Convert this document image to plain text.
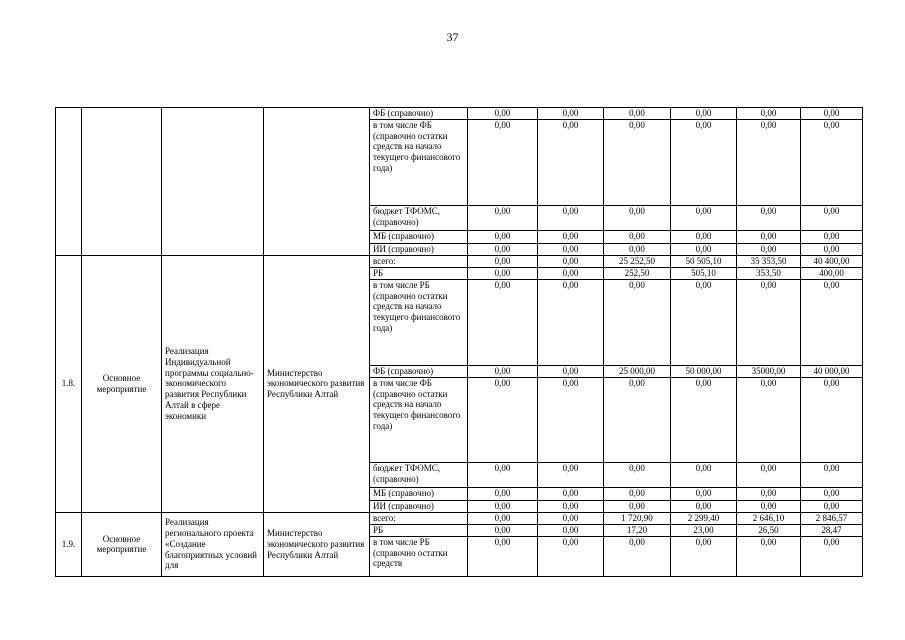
37
				ФБ (справочно)	0,00	0,00	0,00	0,00	0,00	0,00
				в том числе ФБ (справочно остатки средств на начало текущего финансового года)	0,00	0,00	0,00	0,00	0,00	0,00
				бюджет ТФОМС, (справочно)	0,00	0,00	0,00	0,00	0,00	0,00
				МБ (справочно)	0,00	0,00	0,00	0,00	0,00	0,00
				ИИ (справочно)	0,00	0,00	0,00	0,00	0,00	0,00
1.8.	Основное мероприятие	Реализация Индивидуальной программы социально-экономического развития Республики Алтай в сфере экономики	Министерство экономического развития Республики Алтай	всего:	0,00	0,00	25 252,50	50 505,10	35 353,50	40 400,00
				РБ	0,00	0,00	252,50	505,10	353,50	400,00
				в том числе РБ (справочно остатки средств на начало текущего финансового года)	0,00	0,00	0,00	0,00	0,00	0,00
				ФБ (справочно)	0,00	0,00	25 000,00	50 000,00	35000,00	40 000,00
				в том числе ФБ (справочно остатки средств на начало текущего финансового года)	0,00	0,00	0,00	0,00	0,00	0,00
				бюджет ТФОМС, (справочно)	0,00	0,00	0,00	0,00	0,00	0,00
				МБ (справочно)	0,00	0,00	0,00	0,00	0,00	0,00
				ИИ (справочно)	0,00	0,00	0,00	0,00	0,00	0,00
1.9.	Основное мероприятие	Реализация регионального проекта «Создание благоприятных условий для	Министерство экономического развития Республики Алтай	всего:	0,00	0,00	1 720,90	2 299,40	2 646,10	2 846,57
				РБ	0,00	0,00	17,20	23,00	26,50	28,47
				в том числе РБ (справочно остатки средств	0,00	0,00	0,00	0,00	0,00	0,00
